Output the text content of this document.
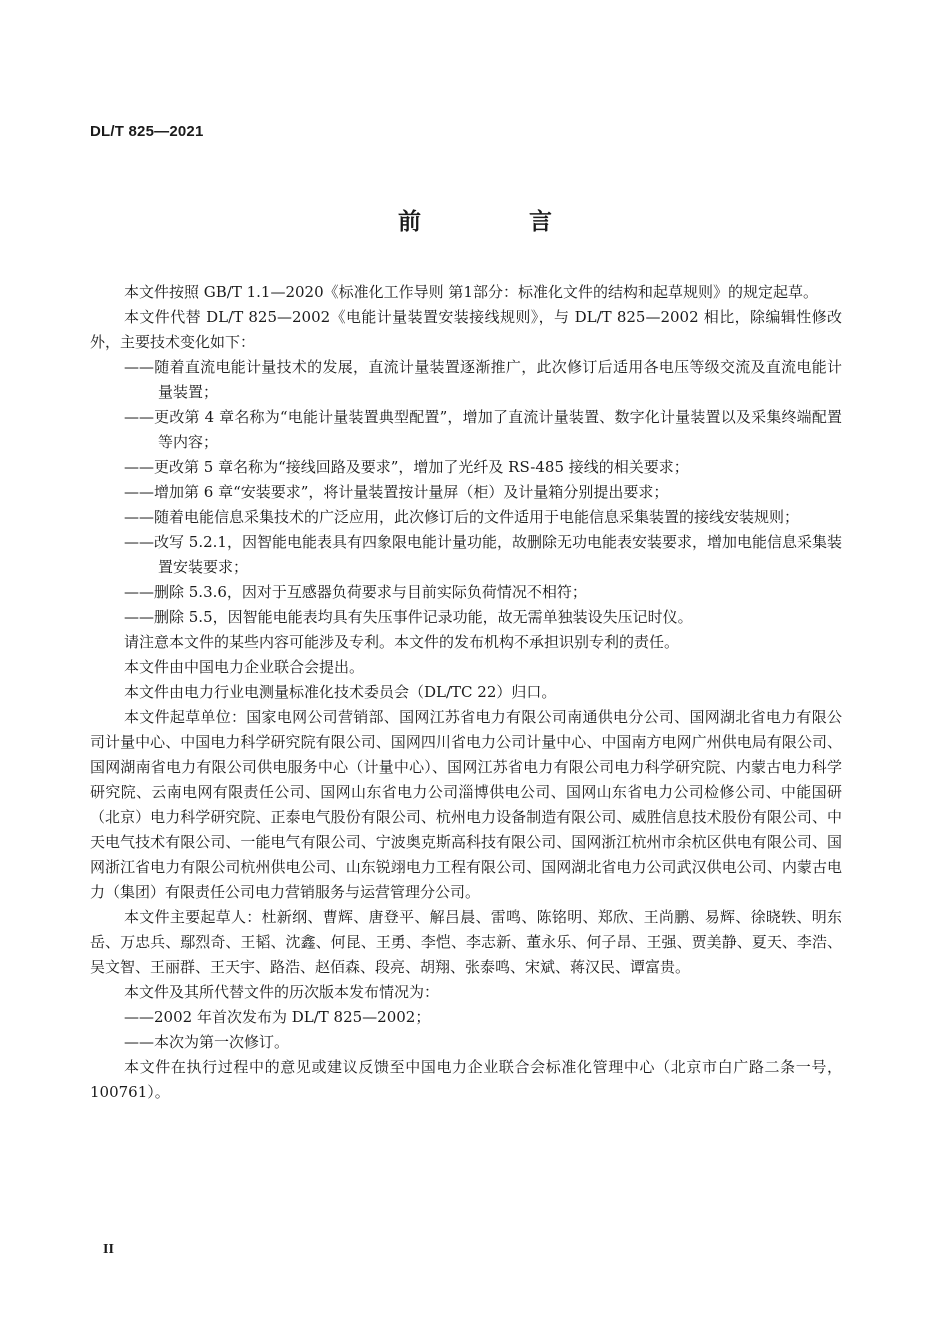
DL/T 825—2021
前 言

本文件按照 GB/T 1.1—2020《标准化工作导则 第1部分：标准化文件的结构和起草规则》的规定起草。

本文件代替 DL/T 825—2002《电能计量装置安装接线规则》，与 DL/T 825—2002 相比，除编辑性修改外，主要技术变化如下：

—— 随着直流电能计量技术的发展，直流计量装置逐渐推广，此次修订后适用各电压等级交流及直流电能计量装置；

—— 更改第 4 章名称为“电能计量装置典型配置”，增加了直流计量装置、数字化计量装置以及采集终端配置等内容；

—— 更改第 5 章名称为“接线回路及要求”，增加了光纤及 RS-485 接线的相关要求；

—— 增加第 6 章“安装要求”，将计量装置按计量屏（柜）及计量箱分别提出要求；

—— 随着电能信息采集技术的广泛应用，此次修订后的文件适用于电能信息采集装置的接线安装规则；

—— 改写 5.2.1，因智能电能表具有四象限电能计量功能，故删除无功电能表安装要求，增加电能信息采集装置安装要求；

—— 删除 5.3.6，因对于互感器负荷要求与目前实际负荷情况不相符；

—— 删除 5.5，因智能电能表均具有失压事件记录功能，故无需单独装设失压记时仪。

请注意本文件的某些内容可能涉及专利。本文件的发布机构不承担识别专利的责任。

本文件由中国电力企业联合会提出。

本文件由电力行业电测量标准化技术委员会（DL/TC 22）归口。

本文件起草单位：国家电网公司营销部、国网江苏省电力有限公司南通供电分公司、国网湖北省电力有限公司计量中心、中国电力科学研究院有限公司、国网四川省电力公司计量中心、中国南方电网广州供电局有限公司、国网湖南省电力有限公司供电服务中心（计量中心）、国网江苏省电力有限公司电力科学研究院、内蒙古电力科学研究院、云南电网有限责任公司、国网山东省电力公司淄博供电公司、国网山东省电力公司检修公司、中能国研（北京）电力科学研究院、正泰电气股份有限公司、杭州电力设备制造有限公司、威胜信息技术股份有限公司、中天电气技术有限公司、一能电气有限公司、宁波奥克斯高科技有限公司、国网浙江杭州市余杭区供电有限公司、国网浙江省电力有限公司杭州供电公司、山东锐翊电力工程有限公司、国网湖北省电力公司武汉供电公司、内蒙古电力（集团）有限责任公司电力营销服务与运营管理分公司。

本文件主要起草人：杜新纲、曹辉、唐登平、解吕晨、雷鸣、陈铭明、郑欣、王尚鹏、易辉、徐晓轶、明东岳、万忠兵、鄢烈奇、王韬、沈鑫、何昆、王勇、李恺、李志新、董永乐、何子昂、王强、贾美静、夏天、李浩、吴文智、王丽群、王天宇、路浩、赵佰森、段亮、胡翔、张泰鸣、宋斌、蒋汉民、谭富贵。

本文件及其所代替文件的历次版本发布情况为：

—— 2002 年首次发布为 DL/T 825—2002；

—— 本次为第一次修订。

本文件在执行过程中的意见或建议反馈至中国电力企业联合会标准化管理中心（北京市白广路二条一号，100761）。

II
